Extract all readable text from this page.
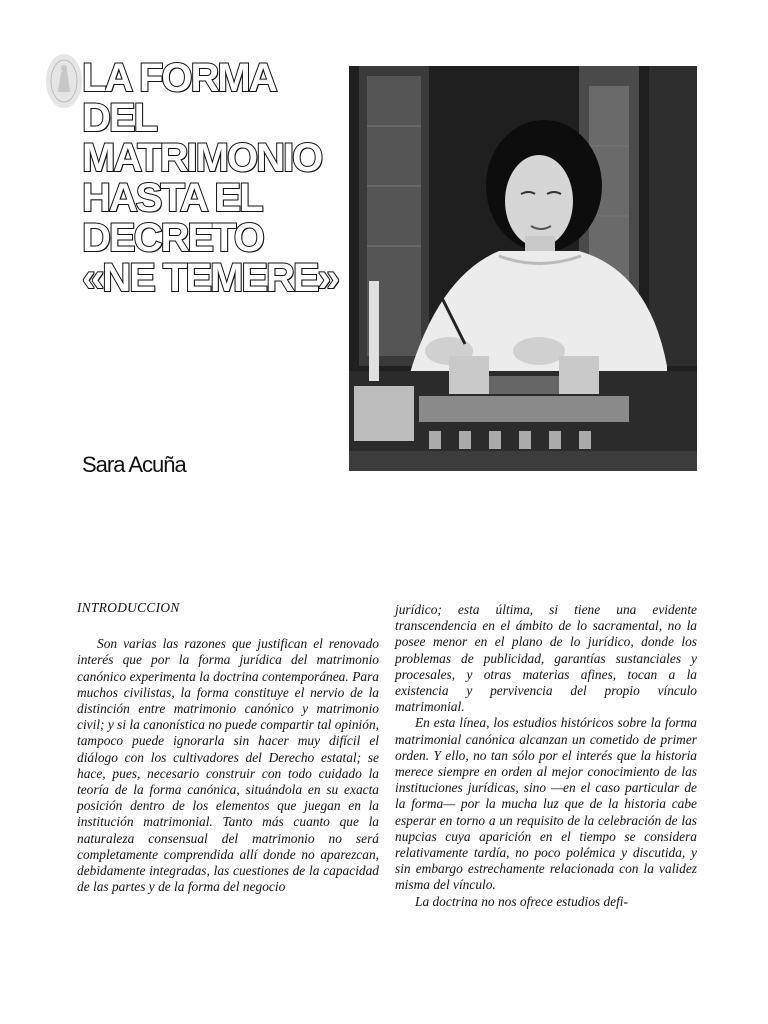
LA FORMA
DEL
MATRIMONIO
HASTA EL
DECRETO
«NE TEMERE»

Sara Acuña

INTRODUCCION

Son varias las razones que justifican el renovado interés que por la forma jurídica del matrimonio canónico experimenta la doctrina contemporánea. Para muchos civilistas, la forma constituye el nervio de la distinción entre matrimonio canónico y matrimonio civil; y si la canonística no puede compartir tal opinión, tampoco puede ignorarla sin hacer muy difícil el diálogo con los cultivadores del Derecho estatal; se hace, pues, necesario construir con todo cuidado la teoría de la forma canónica, situándola en su exacta posición dentro de los elementos que juegan en la institución matrimonial. Tanto más cuanto que la naturaleza consensual del matrimonio no será completamente comprendida allí donde no aparezcan, debidamente integradas, las cuestiones de la capacidad de las partes y de la forma del negocio

jurídico; esta última, si tiene una evidente transcendencia en el ámbito de lo sacramental, no la posee menor en el plano de lo jurídico, donde los problemas de publicidad, garantías sustanciales y procesales, y otras materias afines, tocan a la existencia y pervivencia del propio vínculo matrimonial.

En esta línea, los estudios históricos sobre la forma matrimonial canónica alcanzan un cometido de primer orden. Y ello, no tan sólo por el interés que la historia merece siempre en orden al mejor conocimiento de las instituciones jurídicas, sino —en el caso particular de la forma— por la mucha luz que de la historia cabe esperar en torno a un requisito de la celebración de las nupcias cuya aparición en el tiempo se considera relativamente tardía, no poco polémica y discutida, y sin embargo estrechamente relacionada con la validez misma del vínculo.

La doctrina no nos ofrece estudios defi-
